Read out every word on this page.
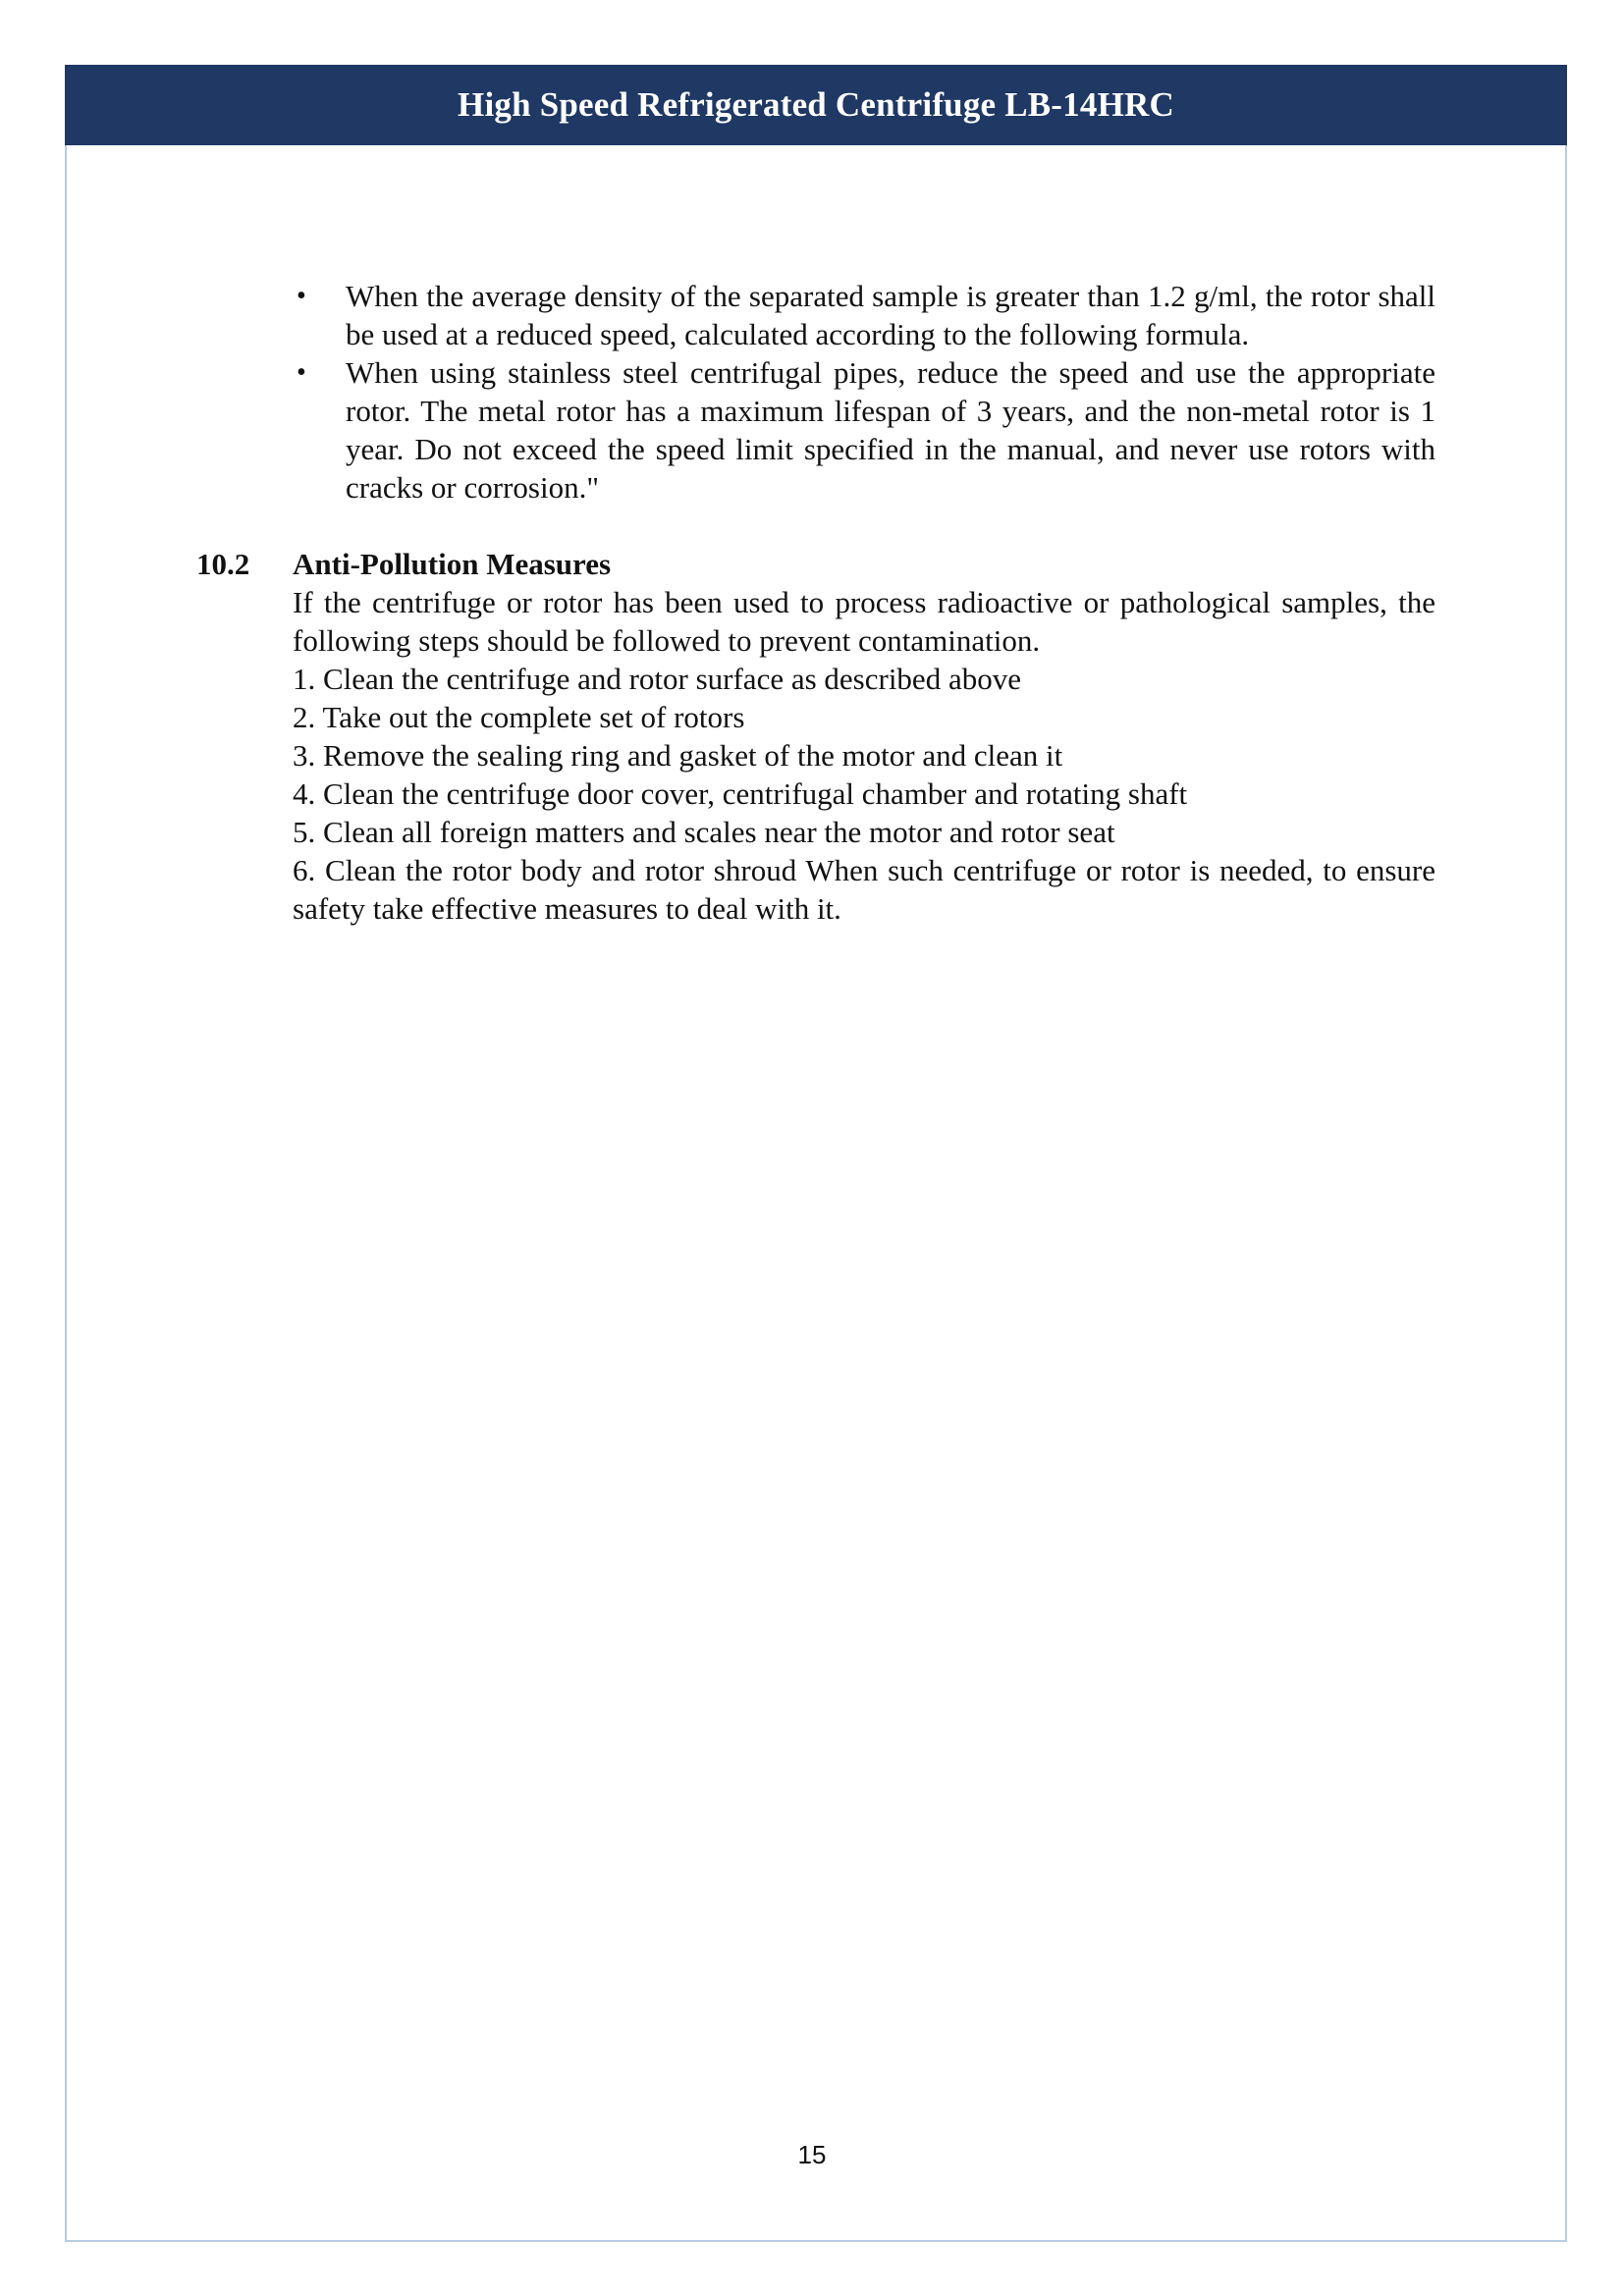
High Speed Refrigerated Centrifuge LB-14HRC
• When the average density of the separated sample is greater than 1.2 g/ml, the rotor shall be used at a reduced speed, calculated according to the following formula.
• When using stainless steel centrifugal pipes, reduce the speed and use the appropriate rotor. The metal rotor has a maximum lifespan of 3 years, and the non-metal rotor is 1 year. Do not exceed the speed limit specified in the manual, and never use rotors with cracks or corrosion."
10.2	Anti-Pollution Measures
If the centrifuge or rotor has been used to process radioactive or pathological samples, the following steps should be followed to prevent contamination.
1. Clean the centrifuge and rotor surface as described above
2. Take out the complete set of rotors
3. Remove the sealing ring and gasket of the motor and clean it
4. Clean the centrifuge door cover, centrifugal chamber and rotating shaft
5. Clean all foreign matters and scales near the motor and rotor seat
6. Clean the rotor body and rotor shroud When such centrifuge or rotor is needed, to ensure safety take effective measures to deal with it.
15
